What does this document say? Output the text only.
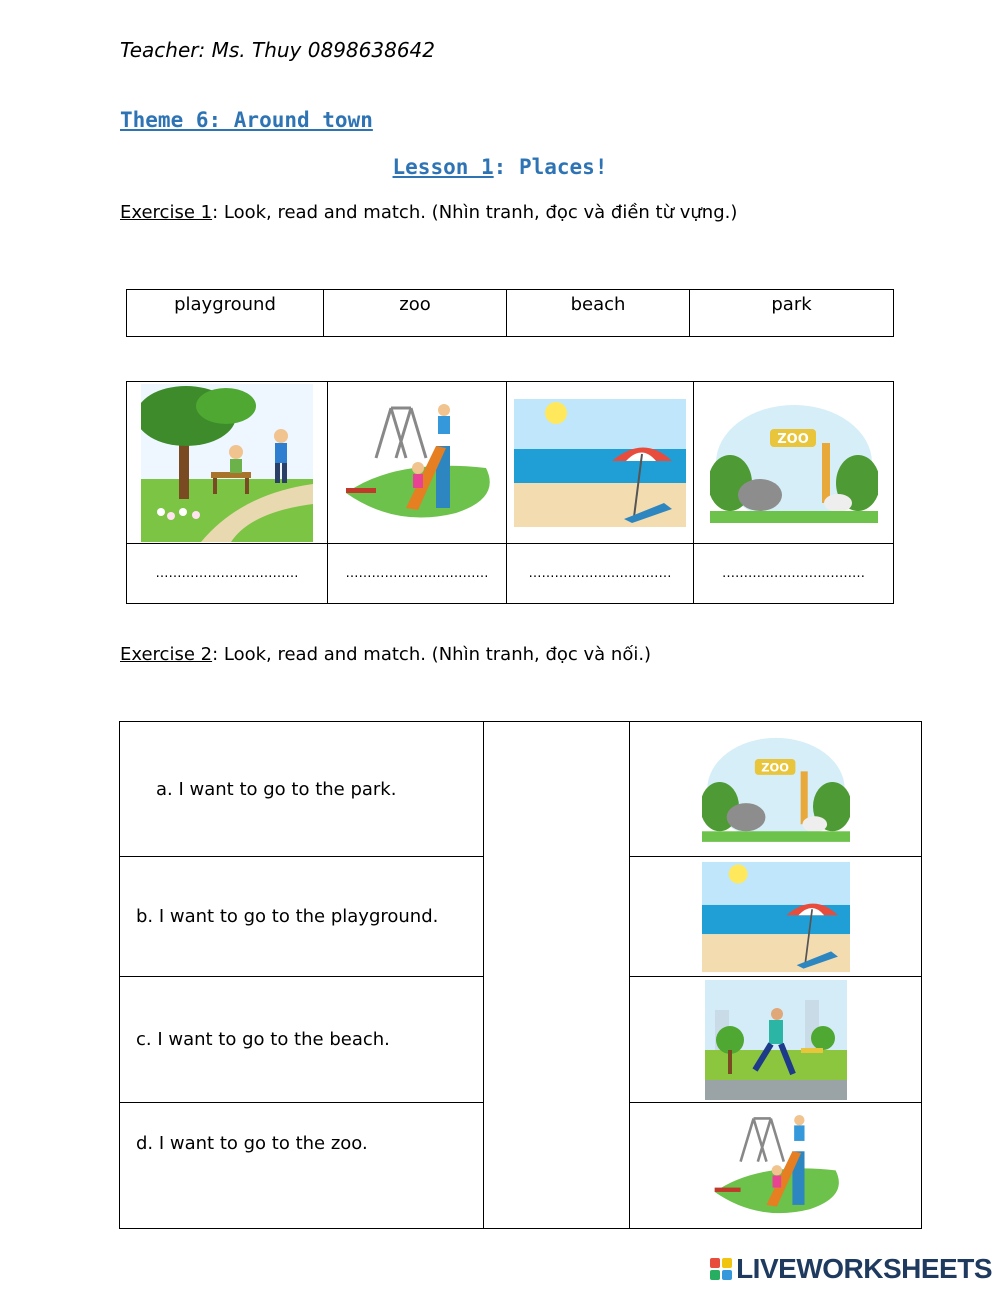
Teacher: Ms. Thuy 0898638642
Theme 6: Around town
Lesson 1: Places!
Exercise 1: Look, read and match. (Nhìn tranh, đọc và điền từ vựng.)
playground	zoo	beach	park

ZOO

……………………………	……………………………	……………………………	……………………………
Exercise 2: Look, read and match. (Nhìn tranh, đọc và nối.)
a. I want to go to the park.		ZOO

b. I want to go to the playground.	

c. I want to go to the beach.	

d. I want to go to the zoo.	
LIVEWORKSHEETS
